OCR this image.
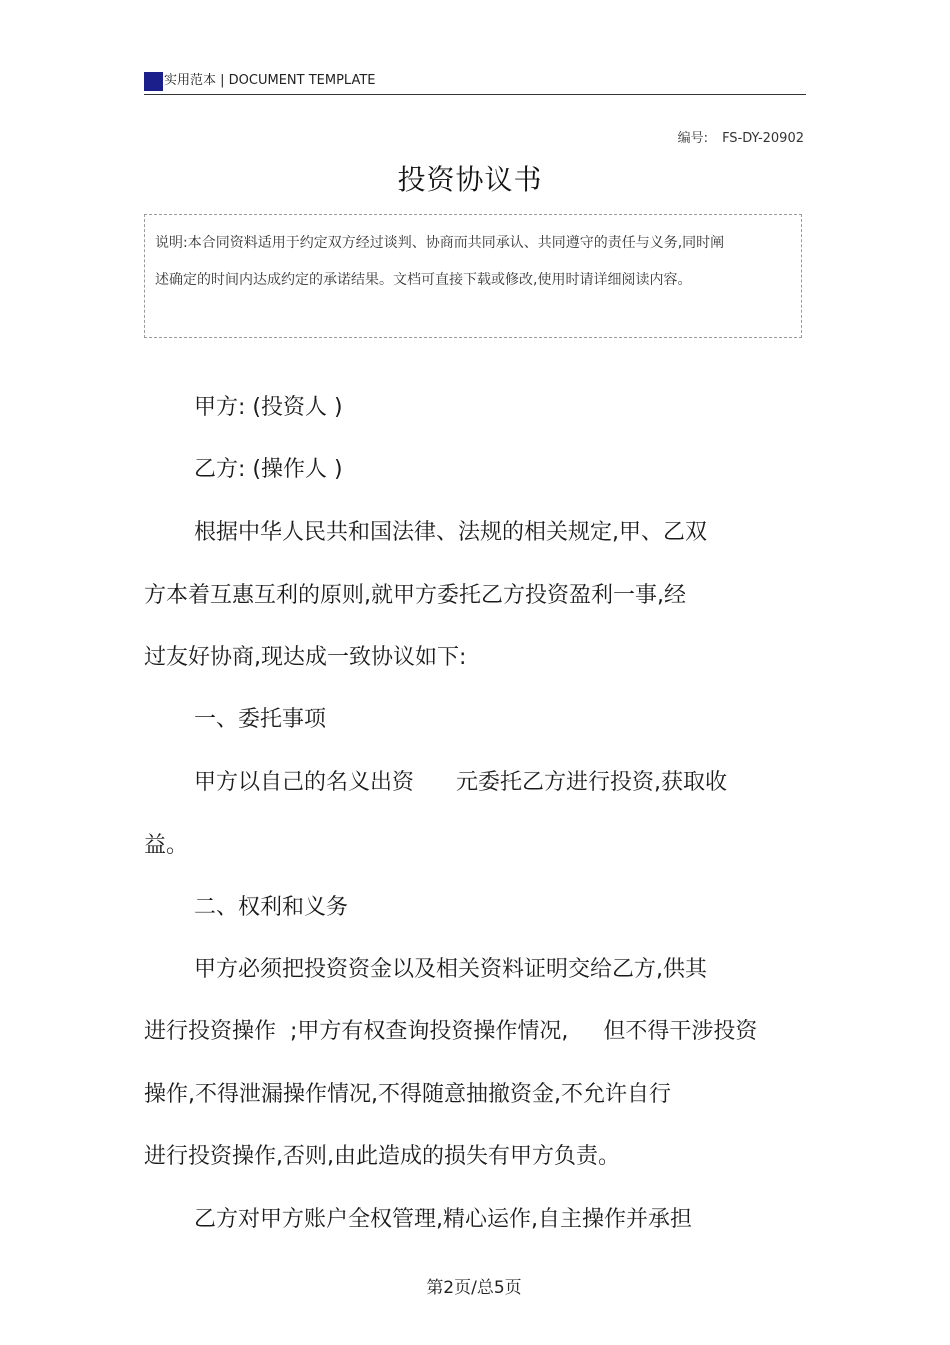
实用范本 | DOCUMENT TEMPLATE
编号: FS-DY-20902
投资协议书
说明:本合同资料适用于约定双方经过谈判、协商而共同承认、共同遵守的责任与义务,同时阐述确定的时间内达成约定的承诺结果。文档可直接下载或修改,使用时请详细阅读内容。
甲方: (投资人 )
乙方: (操作人 )
根据中华人民共和国法律、法规的相关规定,甲、乙双
方本着互惠互利的原则,就甲方委托乙方投资盈利一事,经
过友好协商,现达成一致协议如下:
一、委托事项
甲方以自己的名义出资      元委托乙方进行投资,获取收
益。
二、权利和义务
甲方必须把投资资金以及相关资料证明交给乙方,供其
进行投资操作  ;甲方有权查询投资操作情况,     但不得干涉投资
操作,不得泄漏操作情况,不得随意抽撤资金,不允许自行
进行投资操作,否则,由此造成的损失有甲方负责。
乙方对甲方账户全权管理,精心运作,自主操作并承担
第2页/总5页
